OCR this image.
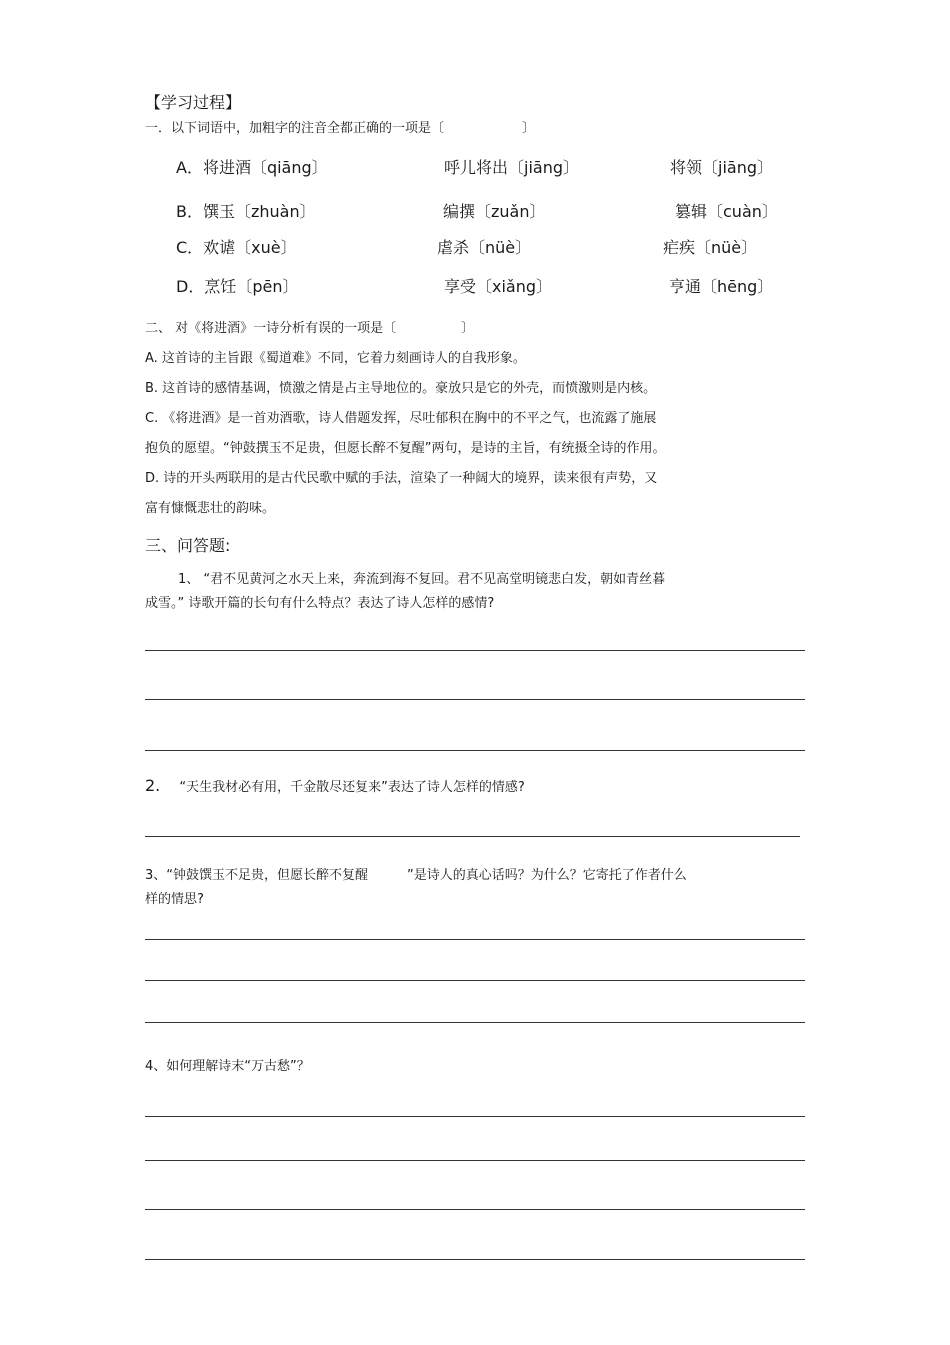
【学习过程】
一．以下词语中，加粗字的注音全都正确的一项是〔　　　　　　〕
A．将进酒〔qiāng〕	呼儿将出〔jiāng〕	将领〔jiāng〕
B．馔玉〔zhuàn〕	编撰〔zuǎn〕	篡辑〔cuàn〕
C．欢谑〔xuè〕	虐杀〔nüè〕	疟疾〔nüè〕
D．烹饪〔pēn〕	享受〔xiǎng〕	亨通〔hēng〕
二、 对《将进酒》一诗分析有误的一项是〔　　　　　〕
A. 这首诗的主旨跟《蜀道难》不同，它着力刻画诗人的自我形象。
B. 这首诗的感情基调，愤激之情是占主导地位的。豪放只是它的外壳，而愤激则是内核。
C. 《将进酒》是一首劝酒歌，诗人借题发挥，尽吐郁积在胸中的不平之气，也流露了施展
抱负的愿望。“钟鼓撰玉不足贵，但愿长醉不复醒”两句，是诗的主旨，有统摄全诗的作用。
D. 诗的开头两联用的是古代民歌中赋的手法，渲染了一种阔大的境界，读来很有声势，又
富有慷慨悲壮的韵味。
三、问答题:
1、 “君不见黄河之水天上来，奔流到海不复回。君不见高堂明镜悲白发，朝如青丝暮
成雪。” 诗歌开篇的长句有什么特点？表达了诗人怎样的感情?
2. “天生我材必有用，千金散尽还复来”表达了诗人怎样的情感?
3、“钟鼓馔玉不足贵，但愿长醉不复醒　　　”是诗人的真心话吗？为什么？它寄托了作者什么
样的情思?
4、如何理解诗末“万古愁”？
